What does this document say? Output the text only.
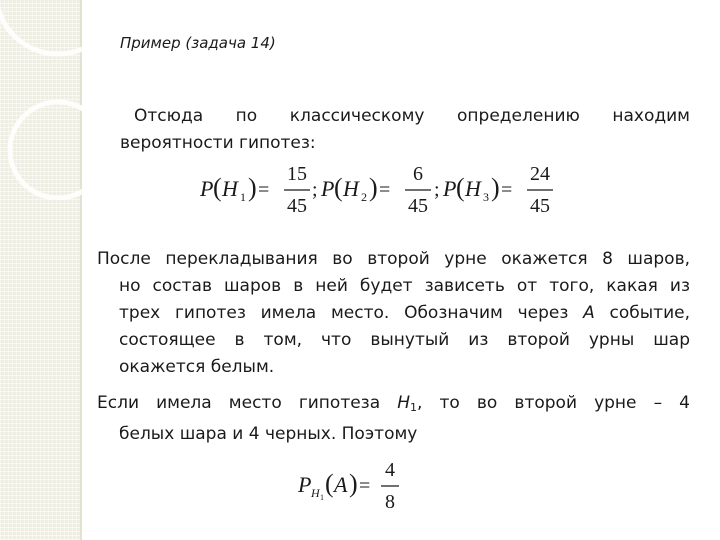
Пример (задача 14)
Отсюда по классическому определению находим
вероятности гипотез:
P ( H 1 ) =
15
45
; P ( H 2 ) =
6
45
; P ( H 3 ) =
24
45
После перекладывания во второй урне окажется 8 шаров,
но состав шаров в ней будет зависеть от того, какая из
трех гипотез имела место. Обозначим через A событие,
состоящее в том, что вынутый из второй урны шар
окажется белым.
Если имела место гипотеза $H_1$, то во второй урне – 4
белых шара и 4 черных. Поэтому
P H 1 ( A ) =
4
8
